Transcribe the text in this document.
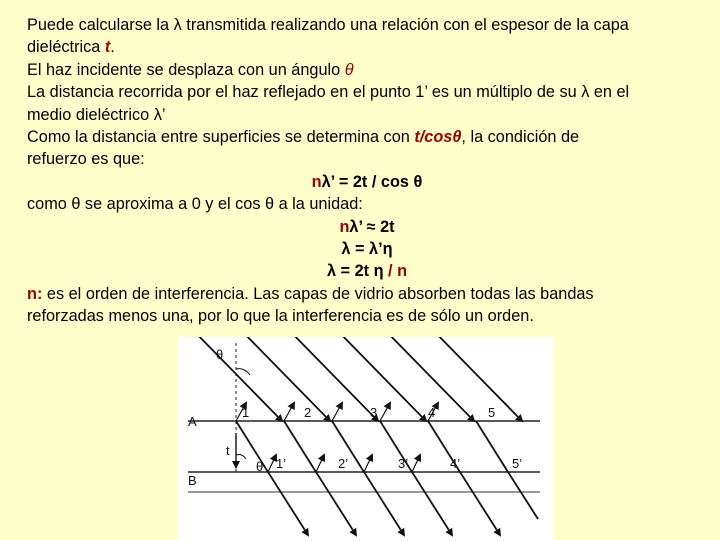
Puede calcularse la λ transmitida realizando una relación con el espesor de la capa

dieléctrica t.

El haz incidente se desplaza con un ángulo θ

La distancia recorrida por el haz reflejado en el punto 1’ es un múltiplo de su λ en el

medio dieléctrico λ’

Como la distancia entre superficies se determina con t/cosθ, la condición de

refuerzo es que:

nλ’ = 2t / cos θ

como θ se aproxima a 0 y el cos θ a la unidad:

nλ’ ≈ 2t

λ = λ’η

λ = 2t η / n

n: es el orden de interferencia. Las capas de vidrio absorben todas las bandas

reforzadas menos una, por lo que la interferencia es de sólo un orden.

A
B
t
θ
θ
1	2	3	4	5
1’	2’	3’	4’	5’
